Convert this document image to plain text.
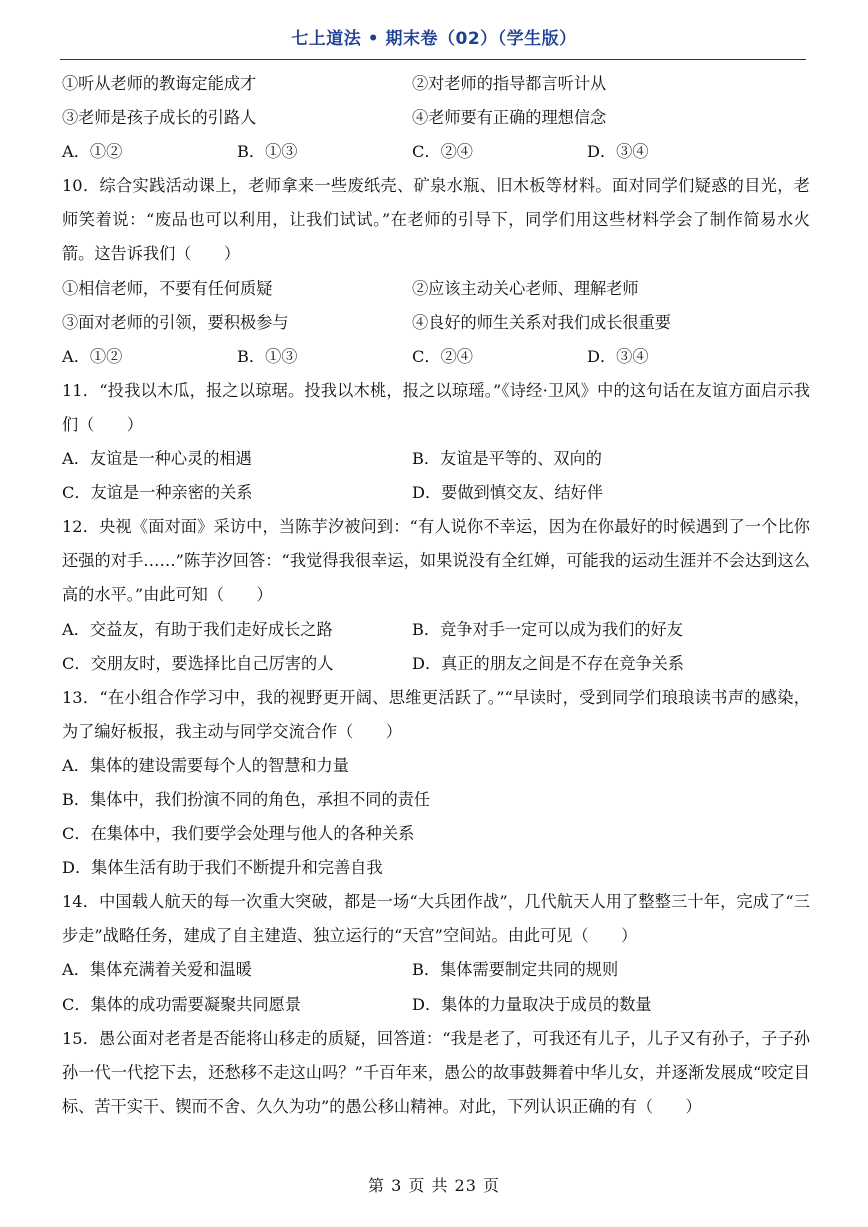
七上道法 • 期末卷（02）（学生版）
①听从老师的教诲定能成才	②对老师的指导都言听计从
③老师是孩子成长的引路人	④老师要有正确的理想信念
A．①②	B．①③	C．②④	D．③④
10．综合实践活动课上，老师拿来一些废纸壳、矿泉水瓶、旧木板等材料。面对同学们疑惑的目光，老师笑着说：“废品也可以利用，让我们试试。”在老师的引导下，同学们用这些材料学会了制作简易水火箭。这告诉我们（　　）
①相信老师，不要有任何质疑	②应该主动关心老师、理解老师
③面对老师的引领，要积极参与	④良好的师生关系对我们成长很重要
A．①②	B．①③	C．②④	D．③④
11．“投我以木瓜，报之以琼琚。投我以木桃，报之以琼瑶。”《诗经·卫风》中的这句话在友谊方面启示我们（　　）
A．友谊是一种心灵的相遇	B．友谊是平等的、双向的
C．友谊是一种亲密的关系	D．要做到慎交友、结好伴
12．央视《面对面》采访中，当陈芋汐被问到：“有人说你不幸运，因为在你最好的时候遇到了一个比你还强的对手……”陈芋汐回答：“我觉得我很幸运，如果说没有全红婵，可能我的运动生涯并不会达到这么高的水平。”由此可知（　　）
A．交益友，有助于我们走好成长之路	B．竞争对手一定可以成为我们的好友
C．交朋友时，要选择比自己厉害的人	D．真正的朋友之间是不存在竞争关系
13．“在小组合作学习中，我的视野更开阔、思维更活跃了。”“早读时，受到同学们琅琅读书声的感染，为了编好板报，我主动与同学交流合作（　　）
A．集体的建设需要每个人的智慧和力量
B．集体中，我们扮演不同的角色，承担不同的责任
C．在集体中，我们要学会处理与他人的各种关系
D．集体生活有助于我们不断提升和完善自我
14．中国载人航天的每一次重大突破，都是一场“大兵团作战”，几代航天人用了整整三十年，完成了“三步走”战略任务，建成了自主建造、独立运行的“天宫”空间站。由此可见（　　）
A．集体充满着关爱和温暖	B．集体需要制定共同的规则
C．集体的成功需要凝聚共同愿景	D．集体的力量取决于成员的数量
15．愚公面对老者是否能将山移走的质疑，回答道：“我是老了，可我还有儿子，儿子又有孙子，子子孙孙一代一代挖下去，还愁移不走这山吗？”千百年来，愚公的故事鼓舞着中华儿女，并逐渐发展成“咬定目标、苦干实干、锲而不舍、久久为功”的愚公移山精神。对此，下列认识正确的有（　　）
第 3 页 共 23 页
